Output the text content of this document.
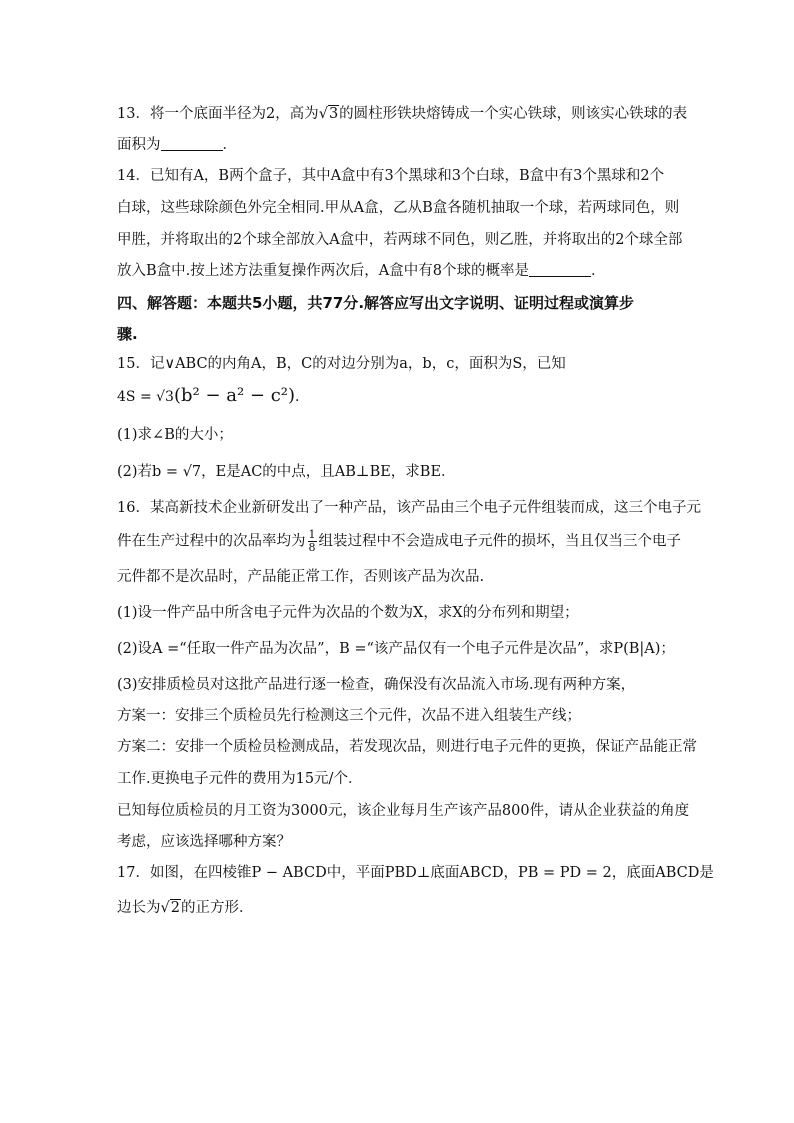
13．将一个底面半径为2，高为√3的圆柱形铁块熔铸成一个实心铁球，则该实心铁球的表
面积为	．
14．已知有A，B两个盒子，其中A盒中有3个黑球和3个白球，B盒中有3个黑球和2个
白球，这些球除颜色外完全相同.甲从A盒，乙从B盒各随机抽取一个球，若两球同色，则
甲胜，并将取出的2个球全部放入A盒中，若两球不同色，则乙胜，并将取出的2个球全部
放入B盒中.按上述方法重复操作两次后，A盒中有8个球的概率是	．
四、解答题：本题共5小题，共77分.解答应写出文字说明、证明过程或演算步
骤.
15．记∨ABC的内角A，B，C的对边分别为a，b，c，面积为S，已知
4S = √3(b² − a² − c²)．
(1)求∠B的大小；
(2)若b = √7，E是AC的中点，且AB⊥BE，求BE．
16．某高新技术企业新研发出了一种产品，该产品由三个电子元件组装而成，这三个电子元
件在生产过程中的次品率均为 $\frac{1}{8}$ 组装过程中不会造成电子元件的损坏，当且仅当三个电子
元件都不是次品时，产品能正常工作，否则该产品为次品.
(1)设一件产品中所含电子元件为次品的个数为X，求X的分布列和期望；
(2)设A =“任取一件产品为次品”，B =“该产品仅有一个电子元件是次品”，求P(B|A)；
(3)安排质检员对这批产品进行逐一检查，确保没有次品流入市场.现有两种方案，
方案一：安排三个质检员先行检测这三个元件，次品不进入组装生产线；
方案二：安排一个质检员检测成品，若发现次品，则进行电子元件的更换，保证产品能正常
工作.更换电子元件的费用为15元/个．
已知每位质检员的月工资为3000元，该企业每月生产该产品800件，请从企业获益的角度
考虑，应该选择哪种方案？
17．如图，在四棱锥P − ABCD中，平面PBD⊥底面ABCD，PB = PD = 2，底面ABCD是
边长为√2的正方形．
